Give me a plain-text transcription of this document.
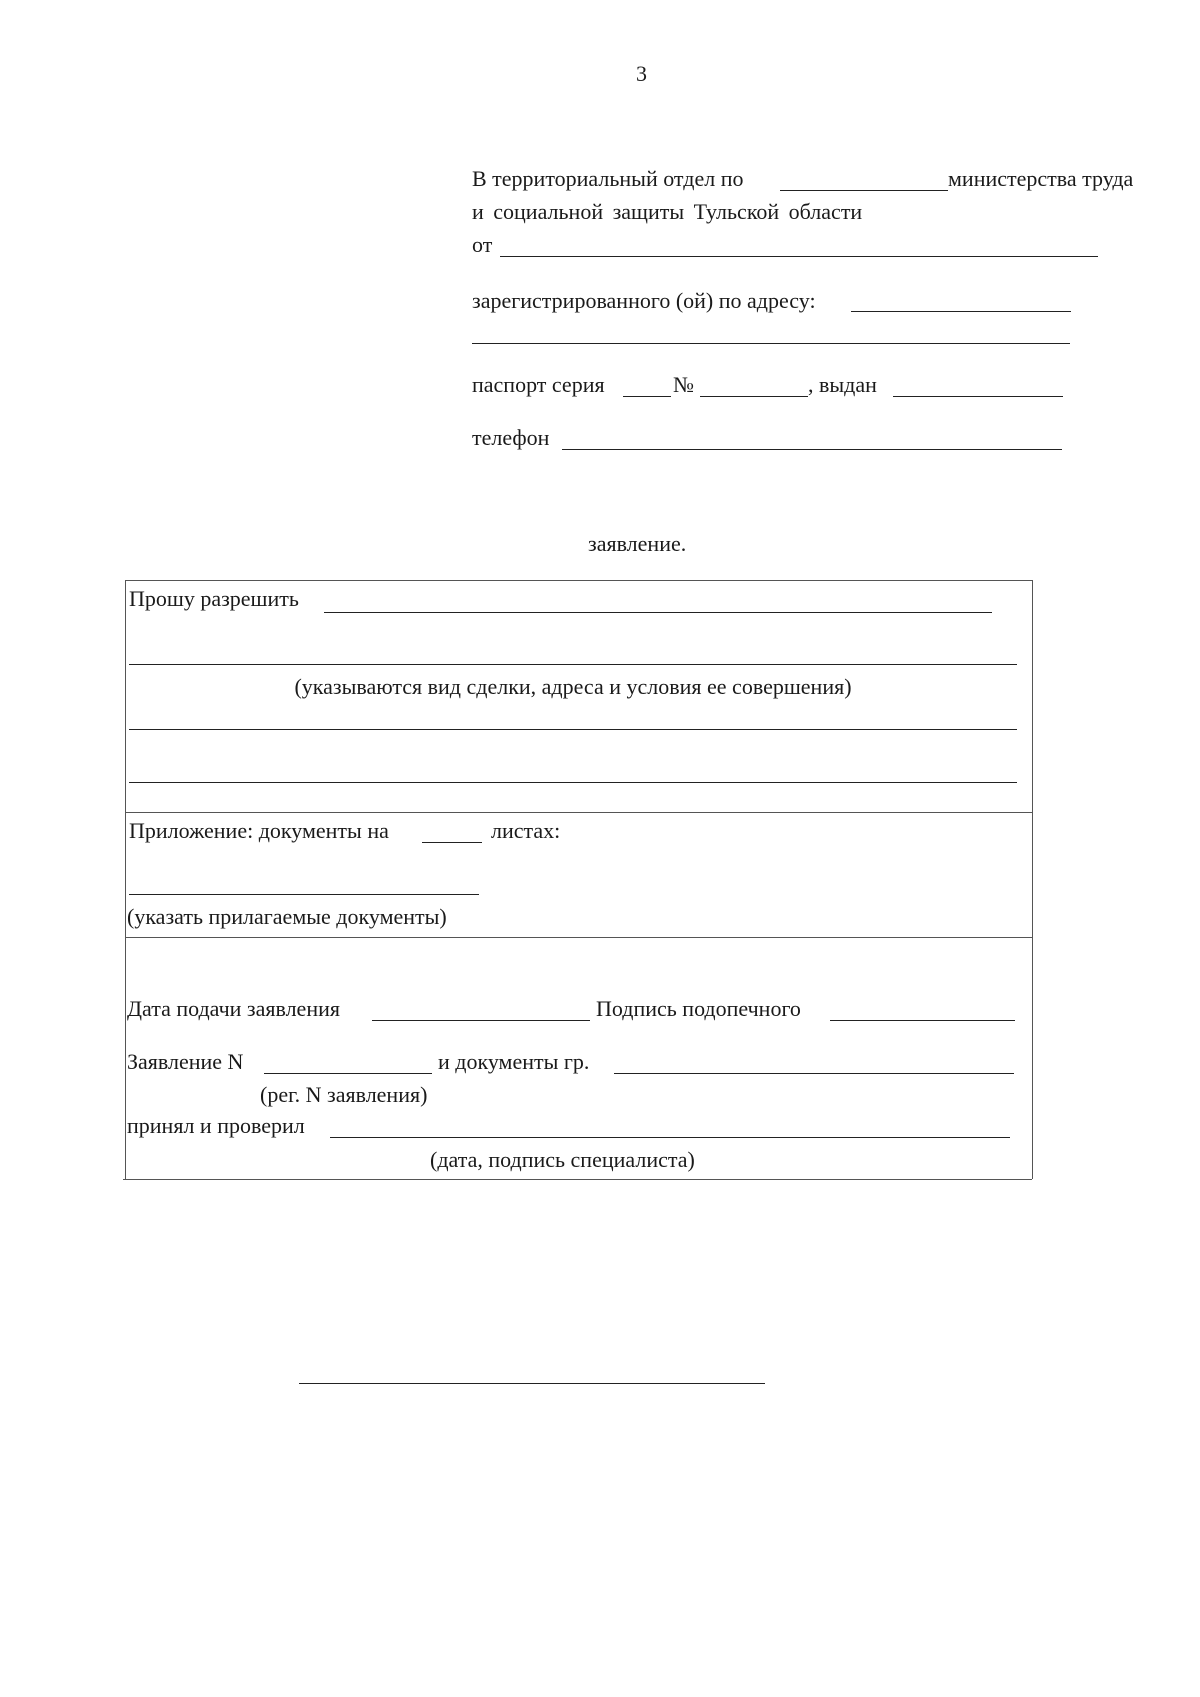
3
В территориальный отдел по	министерства труда
и социальной защиты Тульской области
от
зарегистрированного (ой) по адресу:
паспорт серия	№	, выдан
телефон
заявление.
Прошу разрешить
(указываются вид сделки, адреса и условия ее совершения)
Приложение: документы на	листах:
(указать прилагаемые документы)
Дата подачи заявления	Подпись подопечного
Заявление N	и документы гр.
(рег. N заявления)
принял и проверил
(дата, подпись специалиста)
